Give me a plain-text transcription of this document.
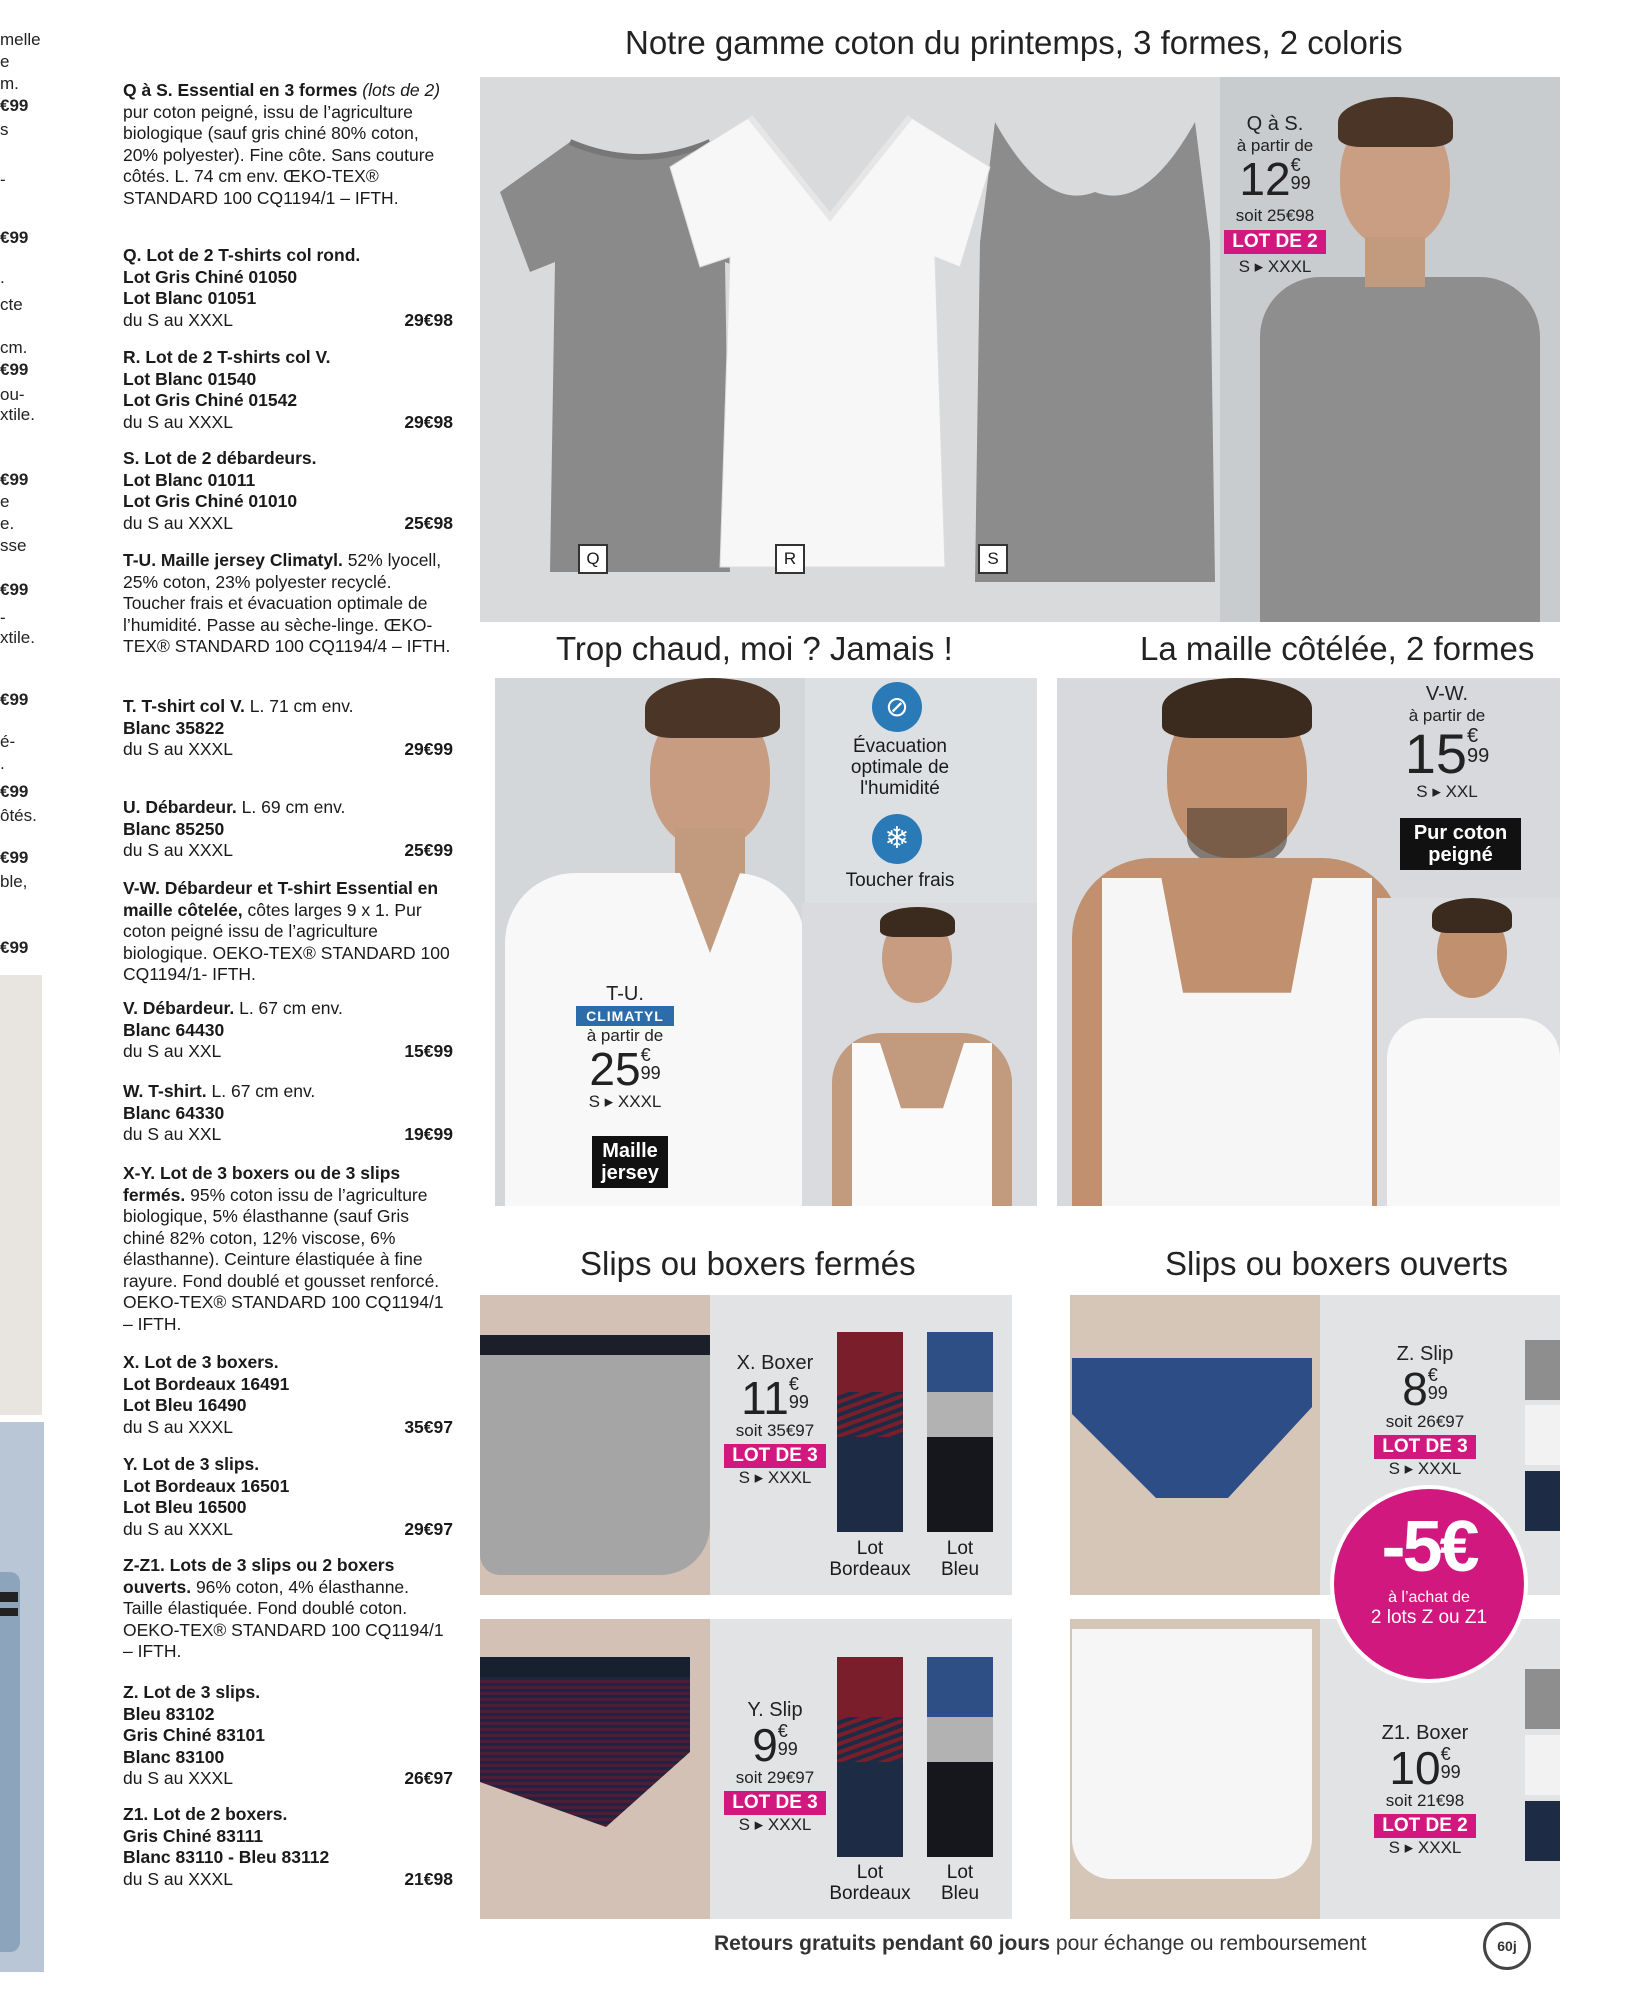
melle
e
m.
€99
s
-
€99
.
cte
cm.
€99
ou-
xtile.
€99
e
e.
sse
€99
-
xtile.
€99
é-
.
€99
ôtés.
€99
ble,
€99
Q à S. Essential en 3 formes (lots de 2) pur coton peigné, issu de l’agriculture biologique (sauf gris chiné 80% coton, 20% polyester). Fine côte. Sans couture côtés. L. 74 cm env. ŒKO-TEX® STANDARD 100 CQ1194/1 – IFTH.
Q. Lot de 2 T-shirts col rond.
Lot Gris Chiné 01050
Lot Blanc 01051
du S au XXXL	29€98
R. Lot de 2 T-shirts col V.
Lot Blanc 01540
Lot Gris Chiné 01542
du S au XXXL	29€98
S. Lot de 2 débardeurs.
Lot Blanc 01011
Lot Gris Chiné 01010
du S au XXXL	25€98
T-U. Maille jersey Climatyl. 52% lyocell, 25% coton, 23% polyester recyclé. Toucher frais et évacuation optimale de l’humidité. Passe au sèche-linge. ŒKO-TEX® STANDARD 100 CQ1194/4 – IFTH.
T. T-shirt col V. L. 71 cm env.
Blanc 35822
du S au XXXL	29€99
U. Débardeur. L. 69 cm env.
Blanc 85250
du S au XXXL	25€99
V-W. Débardeur et T-shirt Essential en maille côtelée, côtes larges 9 x 1. Pur coton peigné issu de l’agriculture biologique. OEKO-TEX® STANDARD 100 CQ1194/1- IFTH.
V. Débardeur. L. 67 cm env.
Blanc 64430
du S au XXL	15€99
W. T-shirt. L. 67 cm env.
Blanc 64330
du S au XXL	19€99
X-Y. Lot de 3 boxers ou de 3 slips fermés. 95% coton issu de l’agriculture biologique, 5% élasthanne (sauf Gris chiné 82% coton, 12% viscose, 6% élasthanne). Ceinture élastiquée à fine rayure. Fond doublé et gousset renforcé. OEKO-TEX® STANDARD 100 CQ1194/1 – IFTH.
X. Lot de 3 boxers.
Lot Bordeaux 16491
Lot Bleu 16490
du S au XXXL	35€97
Y. Lot de 3 slips.
Lot Bordeaux 16501
Lot Bleu 16500
du S au XXXL	29€97
Z-Z1. Lots de 3 slips ou 2 boxers ouverts. 96% coton, 4% élasthanne. Taille élastiquée. Fond doublé coton. OEKO-TEX® STANDARD 100 CQ1194/1 – IFTH.
Z. Lot de 3 slips.
Bleu 83102
Gris Chiné 83101
Blanc 83100
du S au XXXL	26€97
Z1. Lot de 2 boxers.
Gris Chiné 83111
Blanc 83110 - Bleu 83112
du S au XXXL	21€98
Notre gamme coton du printemps, 3 formes, 2 coloris
Trop chaud, moi ? Jamais !	La maille côtélée, 2 formes
Slips ou boxers fermés	Slips ou boxers ouverts
Q	R	S
Q à S.
à partir de
12 €
99
soit 25€98
LOT DE 2
S ▸ XXXL
⊘
Évacuation optimale de l'humidité
❄
Toucher frais
T-U.
CLIMATYL
à partir de
25 €
99
S ▸ XXXL
Maille jersey
V-W.
à partir de
15 €
99
S ▸ XXL
Pur coton peigné
X. Boxer
11 €
99
soit 35€97
LOT DE 3
S ▸ XXXL
Lot Bordeaux
Lot Bleu
Y. Slip
9 €
99
soit 29€97
LOT DE 3
S ▸ XXXL
Lot Bordeaux
Lot Bleu
Z. Slip
8 €
99
soit 26€97
LOT DE 3
S ▸ XXXL
Z1. Boxer
10 €
99
soit 21€98
LOT DE 2
S ▸ XXXL
-5€
à l’achat de
2 lots Z ou Z1
Retours gratuits pendant 60 jours pour échange ou remboursement	60j
